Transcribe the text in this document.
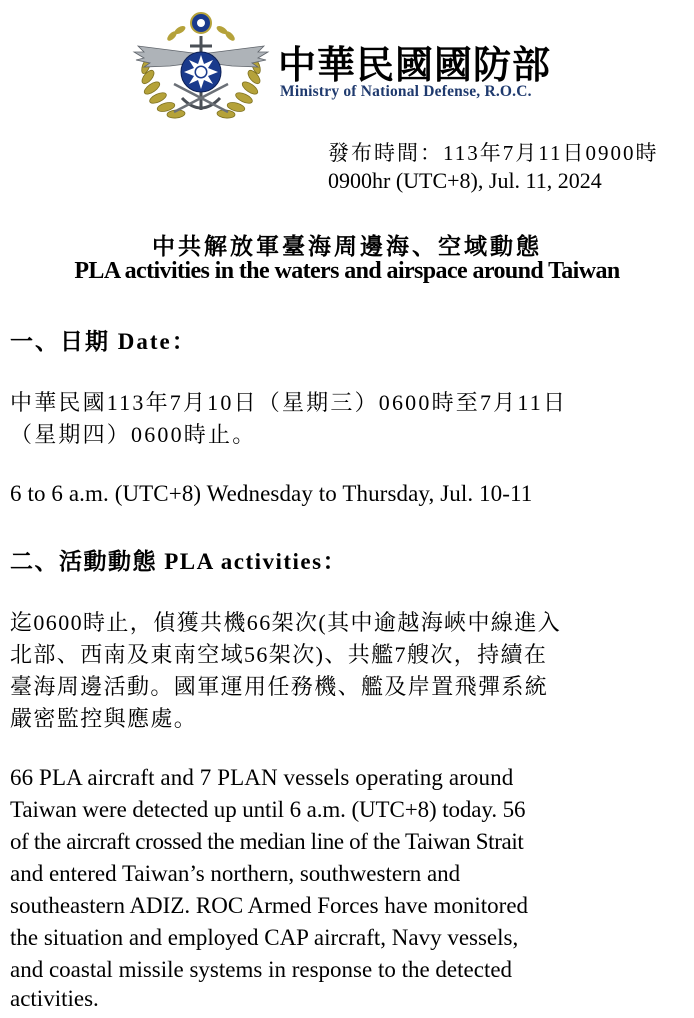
中華民國國防部
Ministry of National Defense, R.O.C.
發布時間：113年7月11日0900時
0900hr (UTC+8), Jul. 11, 2024
中共解放軍臺海周邊海、空域動態
PLA activities in the waters and airspace around Taiwan
一、日期 Date：
中華民國113年7月10日（星期三）0600時至7月11日
（星期四）0600時止。
6 to 6 a.m. (UTC+8) Wednesday to Thursday, Jul. 10-11
二、活動動態 PLA activities：
迄0600時止，偵獲共機66架次(其中逾越海峽中線進入
北部、西南及東南空域56架次)、共艦7艘次，持續在
臺海周邊活動。國軍運用任務機、艦及岸置飛彈系統
嚴密監控與應處。
66 PLA aircraft and 7 PLAN vessels operating around
Taiwan were detected up until 6 a.m. (UTC+8) today. 56
of the aircraft crossed the median line of the Taiwan Strait
and entered Taiwan’s northern, southwestern and
southeastern ADIZ. ROC Armed Forces have monitored
the situation and employed CAP aircraft, Navy vessels,
and coastal missile systems in response to the detected
activities.
